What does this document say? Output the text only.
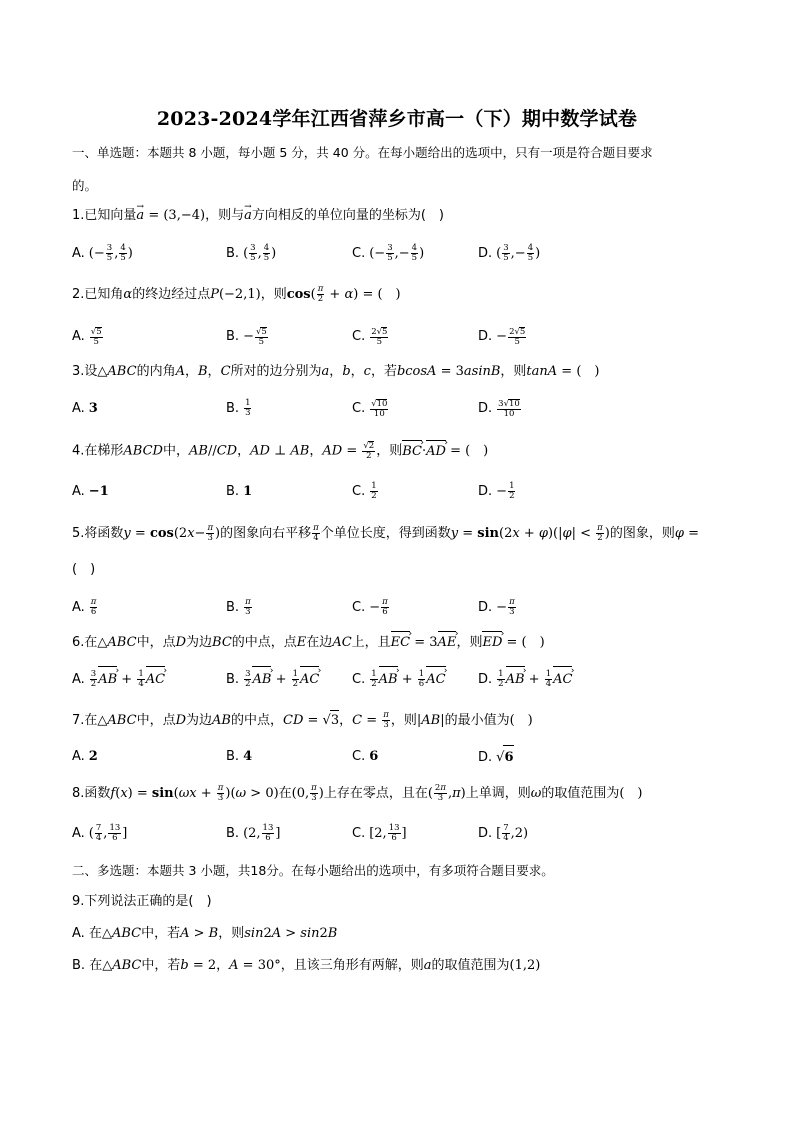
2023-2024学年江西省萍乡市高一（下）期中数学试卷
一、单选题：本题共 8 小题，每小题 5 分，共 40 分。在每小题给出的选项中，只有一项是符合题目要求
的。
1.已知向量→ a = (3,−4)，则与→ a方向相反的单位向量的坐标为(　)
A. (− $\frac{3}{5}$ , $\frac{4}{5}$ )	B. ( $\frac{3}{5}$ , $\frac{4}{5}$ )	C. (− $\frac{3}{5}$ ,− $\frac{4}{5}$ )	D. ( $\frac{3}{5}$ ,− $\frac{4}{5}$ )
2.已知角α的终边经过点P(−2,1)，则$\cos( \frac{\pi}{2} + \alpha)$ = (　)
A. $\frac{√5}{5}$	B. − $\frac{√5}{5}$	C. $\frac{2√5}{5}$	D. − $\frac{2√5}{5}$
3.设△ABC的内角A，B，C所对的边分别为a，b，c，若bcosA = 3asinB，则tanA = (　)
A. 3	B. $\frac{1}{3}$	C. $\frac{√10}{10}$	D. $\frac{3√10}{10}$
4.在梯形ABCD中，AB//CD，AD ⊥ AB，AD = $\frac{√2}{2}$ ，则BC ›·AD › = (　)
A. −1	B. 1	C. $\frac{1}{2}$	D. − $\frac{1}{2}$
5.将函数$y = \cos(2x- \frac{\pi}{3}$ )的图象向右平移 $\frac{\pi}{4}$ 个单位长度，得到函数$y = \sin(2x + \varphi)(|\varphi| < \frac{\pi}{2}$ )的图象，则φ =
(　)
A. $\frac{\pi}{6}$	B. $\frac{\pi}{3}$	C. − $\frac{\pi}{6}$	D. − $\frac{\pi}{3}$
6.在△ABC中，点D为边BC的中点，点E在边AC上，且EC › = 3AE ›，则ED › = (　)
A. $\frac{3}{2}$ AB › + $\frac{1}{4}$ AC ›	B. $\frac{3}{2}$ AB › + $\frac{1}{2}$ AC ›	C. $\frac{1}{2}$ AB › + $\frac{1}{6}$ AC › D. $\frac{1}{2}$ AB › + $\frac{1}{4}$ AC ›
7.在△ABC中，点D为边AB的中点，CD = √3，$C = \frac{\pi}{3}$ ，则|AB|的最小值为(　)
A. 2	B. 4	C. 6	D. √6
8.函数$f(x) = \sin(\omega x + \frac{\pi}{3} )(\omega > 0)$在(0, $\frac{\pi}{3}$ )上存在零点，且在( $\frac{2\pi}{3} ,\pi$)上单调，则ω的取值范围为(　)
A. ( $\frac{7}{4}$ , $\frac{13}{6}$ ]	B. (2, $\frac{13}{6}$ ]	C. [2, $\frac{13}{6}$ ]	D. [ $\frac{7}{4} ,2$)
二、多选题：本题共 3 小题，共18分。在每小题给出的选项中，有多项符合题目要求。
9.下列说法正确的是(　)
A. 在△ABC中，若A > B，则sin2A > sin2B
B. 在△ABC中，若b = 2，A = 30°，且该三角形有两解，则a的取值范围为(1,2)
